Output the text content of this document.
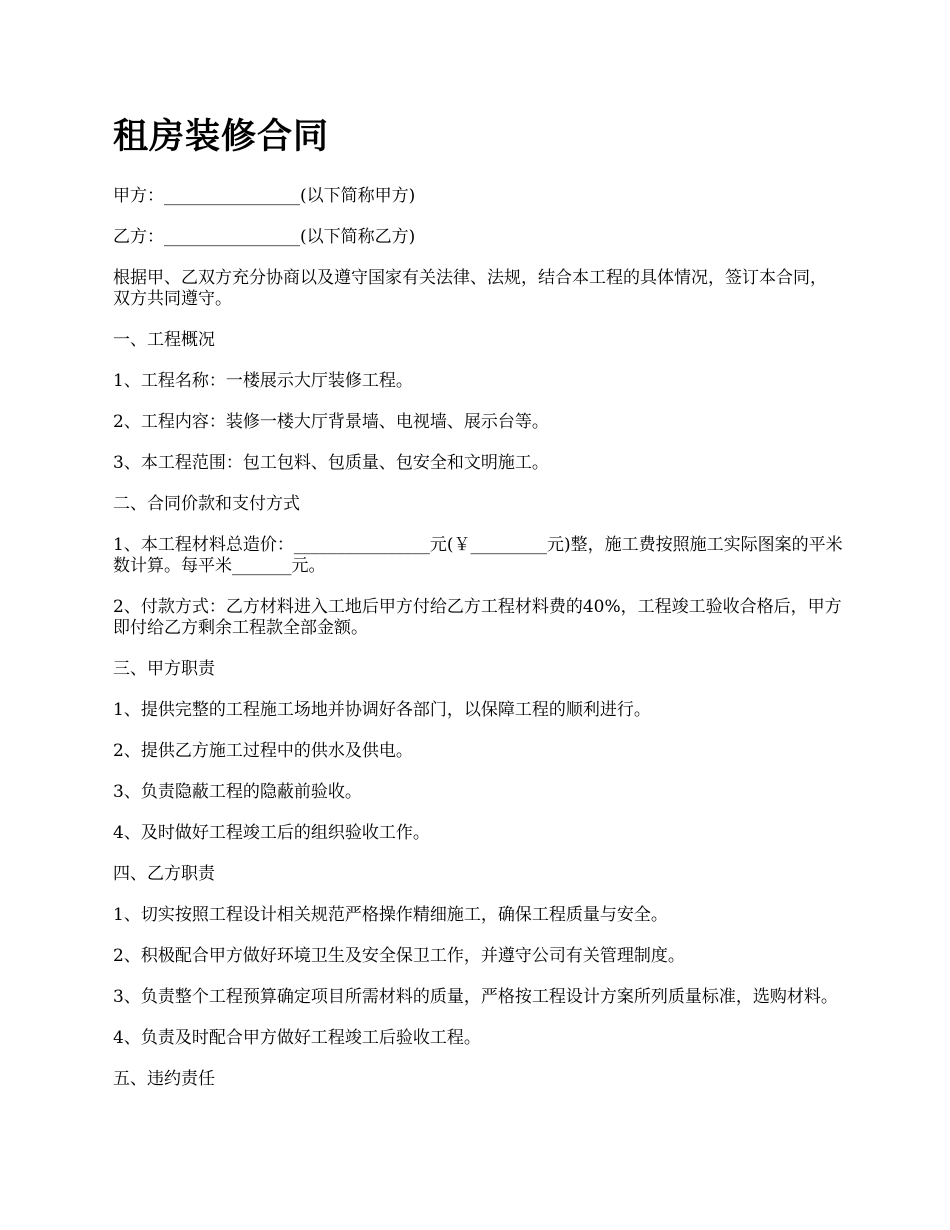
租房装修合同

甲方：________________(以下简称甲方)

乙方：________________(以下简称乙方)

根据甲、乙双方充分协商以及遵守国家有关法律、法规，结合本工程的具体情况，签订本合同，双方共同遵守。

一、工程概况

1、工程名称：一楼展示大厅装修工程。

2、工程内容：装修一楼大厅背景墙、电视墙、展示台等。

3、本工程范围：包工包料、包质量、包安全和文明施工。

二、合同价款和支付方式

1、本工程材料总造价：________________元(￥_________元)整，施工费按照施工实际图案的平米数计算。每平米_______元。

2、付款方式：乙方材料进入工地后甲方付给乙方工程材料费的40%，工程竣工验收合格后，甲方即付给乙方剩余工程款全部金额。

三、甲方职责

1、提供完整的工程施工场地并协调好各部门，以保障工程的顺利进行。

2、提供乙方施工过程中的供水及供电。

3、负责隐蔽工程的隐蔽前验收。

4、及时做好工程竣工后的组织验收工作。

四、乙方职责

1、切实按照工程设计相关规范严格操作精细施工，确保工程质量与安全。

2、积极配合甲方做好环境卫生及安全保卫工作，并遵守公司有关管理制度。

3、负责整个工程预算确定项目所需材料的质量，严格按工程设计方案所列质量标准，选购材料。

4、负责及时配合甲方做好工程竣工后验收工程。

五、违约责任
